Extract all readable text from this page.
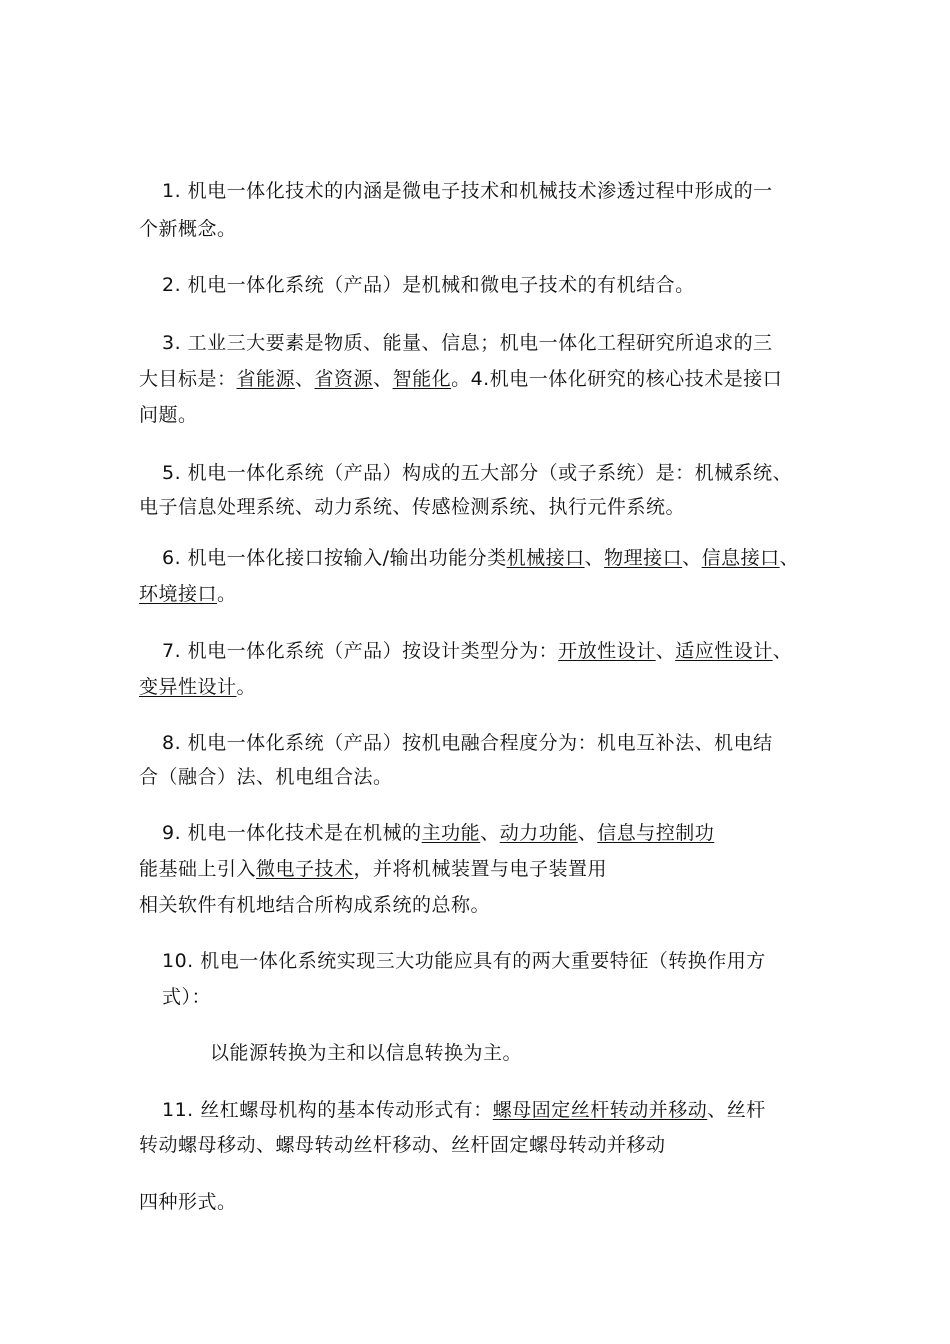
1. 机电一体化技术的内涵是微电子技术和机械技术渗透过程中形成的一
个新概念。
2. 机电一体化系统（产品）是机械和微电子技术的有机结合。
3. 工业三大要素是物质、能量、信息；机电一体化工程研究所追求的三
大目标是：省能源、省资源、智能化。4.机电一体化研究的核心技术是接口
问题。
5. 机电一体化系统（产品）构成的五大部分（或子系统）是：机械系统、
电子信息处理系统、动力系统、传感检测系统、执行元件系统。
6. 机电一体化接口按输入/输出功能分类机械接口、物理接口、信息接口、
环境接口。
7. 机电一体化系统（产品）按设计类型分为：开放性设计、适应性设计、
变异性设计。
8. 机电一体化系统（产品）按机电融合程度分为：机电互补法、机电结
合（融合）法、机电组合法。
9. 机电一体化技术是在机械的主功能、动力功能、信息与控制功
能基础上引入微电子技术，并将机械装置与电子装置用
相关软件有机地结合所构成系统的总称。
10. 机电一体化系统实现三大功能应具有的两大重要特征（转换作用方
式）：
以能源转换为主和以信息转换为主。
11. 丝杠螺母机构的基本传动形式有：螺母固定丝杆转动并移动、丝杆
转动螺母移动、螺母转动丝杆移动、丝杆固定螺母转动并移动
四种形式。
